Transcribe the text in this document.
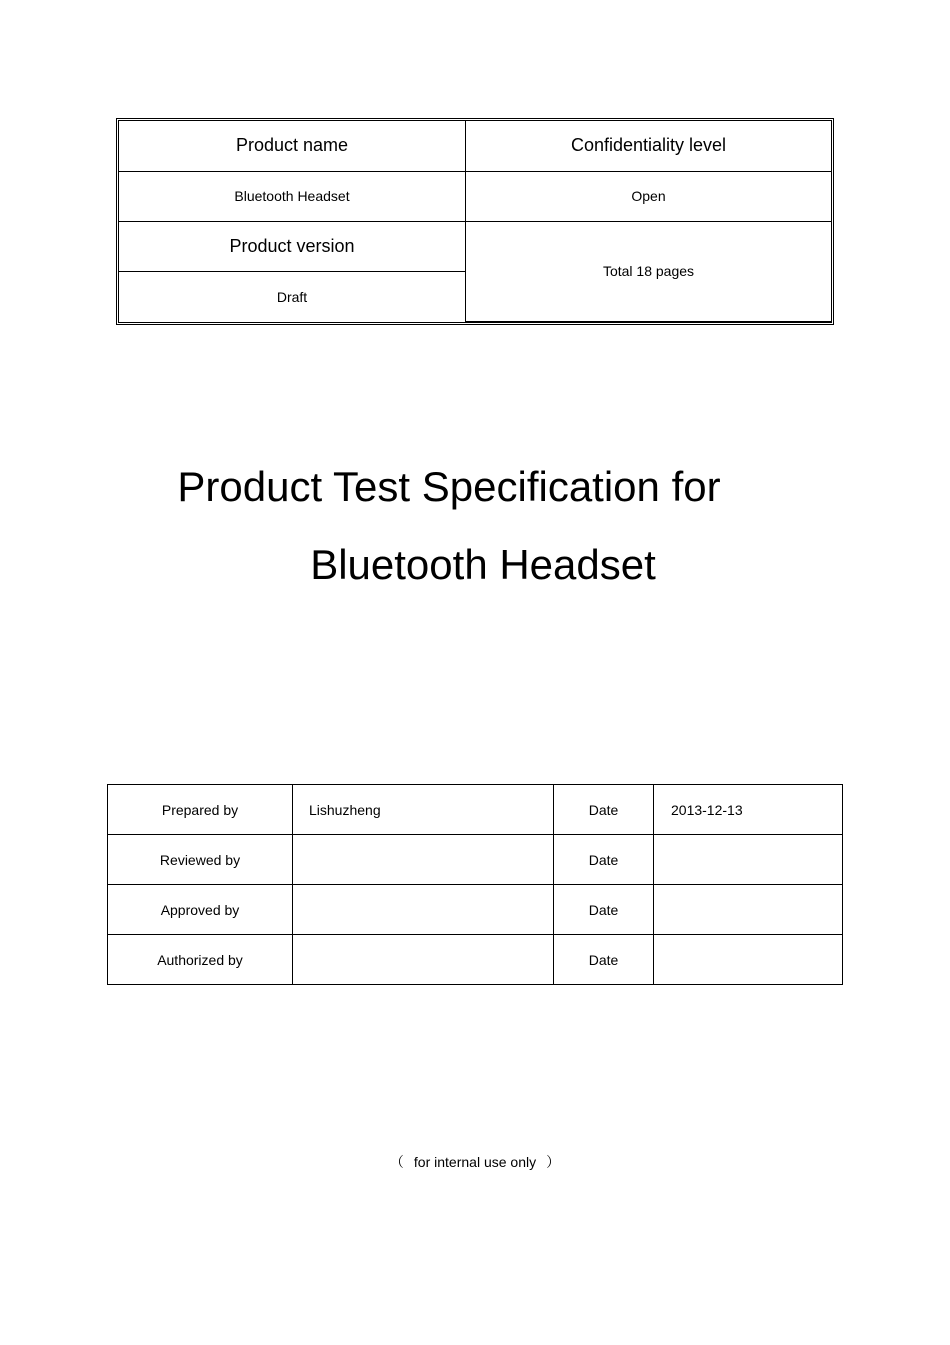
Product name	Confidentiality level
Bluetooth Headset	Open
Product version	Total 18 pages
Draft	
Product Test Specification for
Bluetooth Headset
Prepared by	Lishuzheng	Date	2013-12-13
Reviewed by		Date	
Approved by		Date	
Authorized by		Date	
（ for internal use only ）
